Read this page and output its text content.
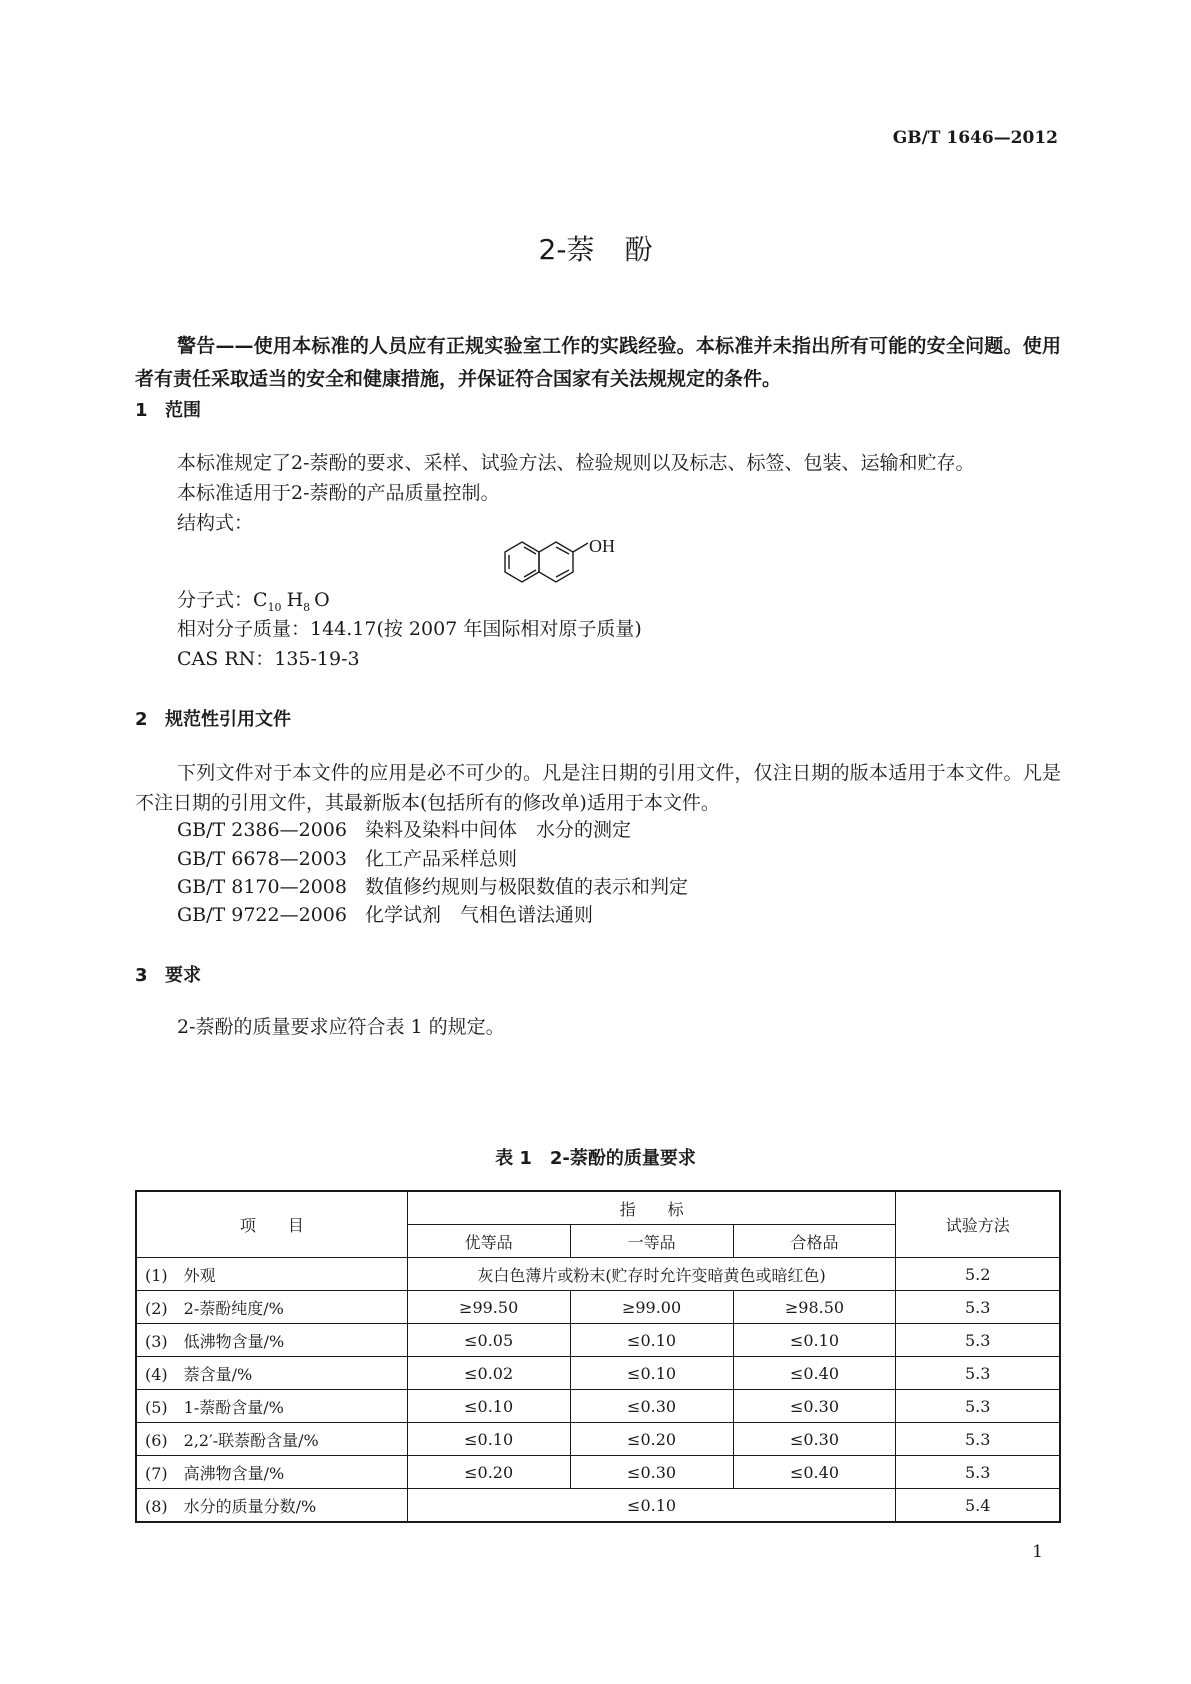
GB/T 1646—2012
2-萘 酚
警告——使用本标准的人员应有正规实验室工作的实践经验。本标准并未指出所有可能的安全问题。使用者有责任采取适当的安全和健康措施，并保证符合国家有关法规规定的条件。
1 范围
本标准规定了2-萘酚的要求、采样、试验方法、检验规则以及标志、标签、包装、运输和贮存。
本标准适用于2-萘酚的产品质量控制。
结构式：
OH
分子式：$C_{10}$ $H_8$ O
相对分子质量：144.17(按 2007 年国际相对原子质量)
CAS RN：135-19-3
2 规范性引用文件
下列文件对于本文件的应用是必不可少的。凡是注日期的引用文件，仅注日期的版本适用于本文件。凡是不注日期的引用文件，其最新版本(包括所有的修改单)适用于本文件。
GB/T 2386—2006 染料及染料中间体　水分的测定
GB/T 6678—2003 化工产品采样总则
GB/T 8170—2008 数值修约规则与极限数值的表示和判定
GB/T 9722—2006 化学试剂　气相色谱法通则
3 要求
2-萘酚的质量要求应符合表 1 的规定。
表 1 2-萘酚的质量要求
项　　目	指　　标			试验方法
	优等品	一等品	合格品	
(1)　外观	灰白色薄片或粉末(贮存时允许变暗黄色或暗红色)			5.2
(2)　2-萘酚纯度/%	≥99.50	≥99.00	≥98.50	5.3
(3)　低沸物含量/%	≤0.05	≤0.10	≤0.10	5.3
(4)　萘含量/%	≤0.02	≤0.10	≤0.40	5.3
(5)　1-萘酚含量/%	≤0.10	≤0.30	≤0.30	5.3
(6)　2,2′-联萘酚含量/%	≤0.10	≤0.20	≤0.30	5.3
(7)　高沸物含量/%	≤0.20	≤0.30	≤0.40	5.3
(8)　水分的质量分数/%	≤0.10			5.4
1
